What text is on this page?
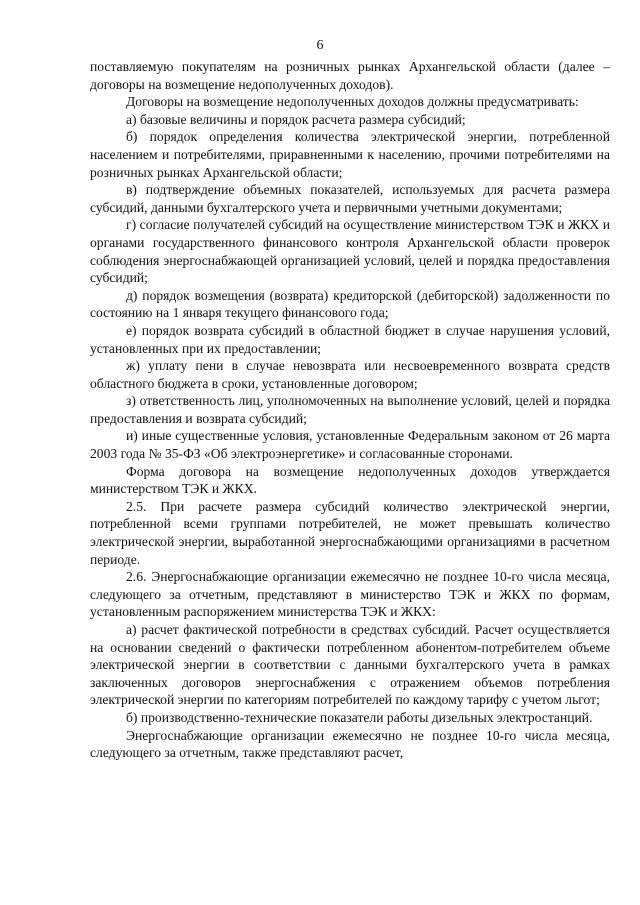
6

поставляемую покупателям на розничных рынках Архангельской области (далее – договоры на возмещение недополученных доходов).

Договоры на возмещение недополученных доходов должны предусматривать:

а) базовые величины и порядок расчета размера субсидий;

б) порядок определения количества электрической энергии, потребленной населением и потребителями, приравненными к населению, прочими потребителями на розничных рынках Архангельской области;

в) подтверждение объемных показателей, используемых для расчета размера субсидий, данными бухгалтерского учета и первичными учетными документами;

г) согласие получателей субсидий на осуществление министерством ТЭК и ЖКХ и органами государственного финансового контроля Архангельской области проверок соблюдения энергоснабжающей организацией условий, целей и порядка предоставления субсидий;

д) порядок возмещения (возврата) кредиторской (дебиторской) задолженности по состоянию на 1 января текущего финансового года;

е) порядок возврата субсидий в областной бюджет в случае нарушения условий, установленных при их предоставлении;

ж) уплату пени в случае невозврата или несвоевременного возврата средств областного бюджета в сроки, установленные договором;

з) ответственность лиц, уполномоченных на выполнение условий, целей и порядка предоставления и возврата субсидий;

и) иные существенные условия, установленные Федеральным законом от 26 марта 2003 года № 35-ФЗ «Об электроэнергетике» и согласованные сторонами.

Форма договора на возмещение недополученных доходов утверждается министерством ТЭК и ЖКХ.

2.5. При расчете размера субсидий количество электрической энергии, потребленной всеми группами потребителей, не может превышать количество электрической энергии, выработанной энергоснабжающими организациями в расчетном периоде.

2.6. Энергоснабжающие организации ежемесячно не позднее 10-го числа месяца, следующего за отчетным, представляют в министерство ТЭК и ЖКХ по формам, установленным распоряжением министерства ТЭК и ЖКХ:

а) расчет фактической потребности в средствах субсидий. Расчет осуществляется на основании сведений о фактически потребленном абонентом-потребителем объеме электрической энергии в соответствии с данными бухгалтерского учета в рамках заключенных договоров энергоснабжения с отражением объемов потребления электрической энергии по категориям потребителей по каждому тарифу с учетом льгот;

б) производственно-технические показатели работы дизельных электростанций.

Энергоснабжающие организации ежемесячно не позднее 10-го числа месяца, следующего за отчетным, также представляют расчет,
